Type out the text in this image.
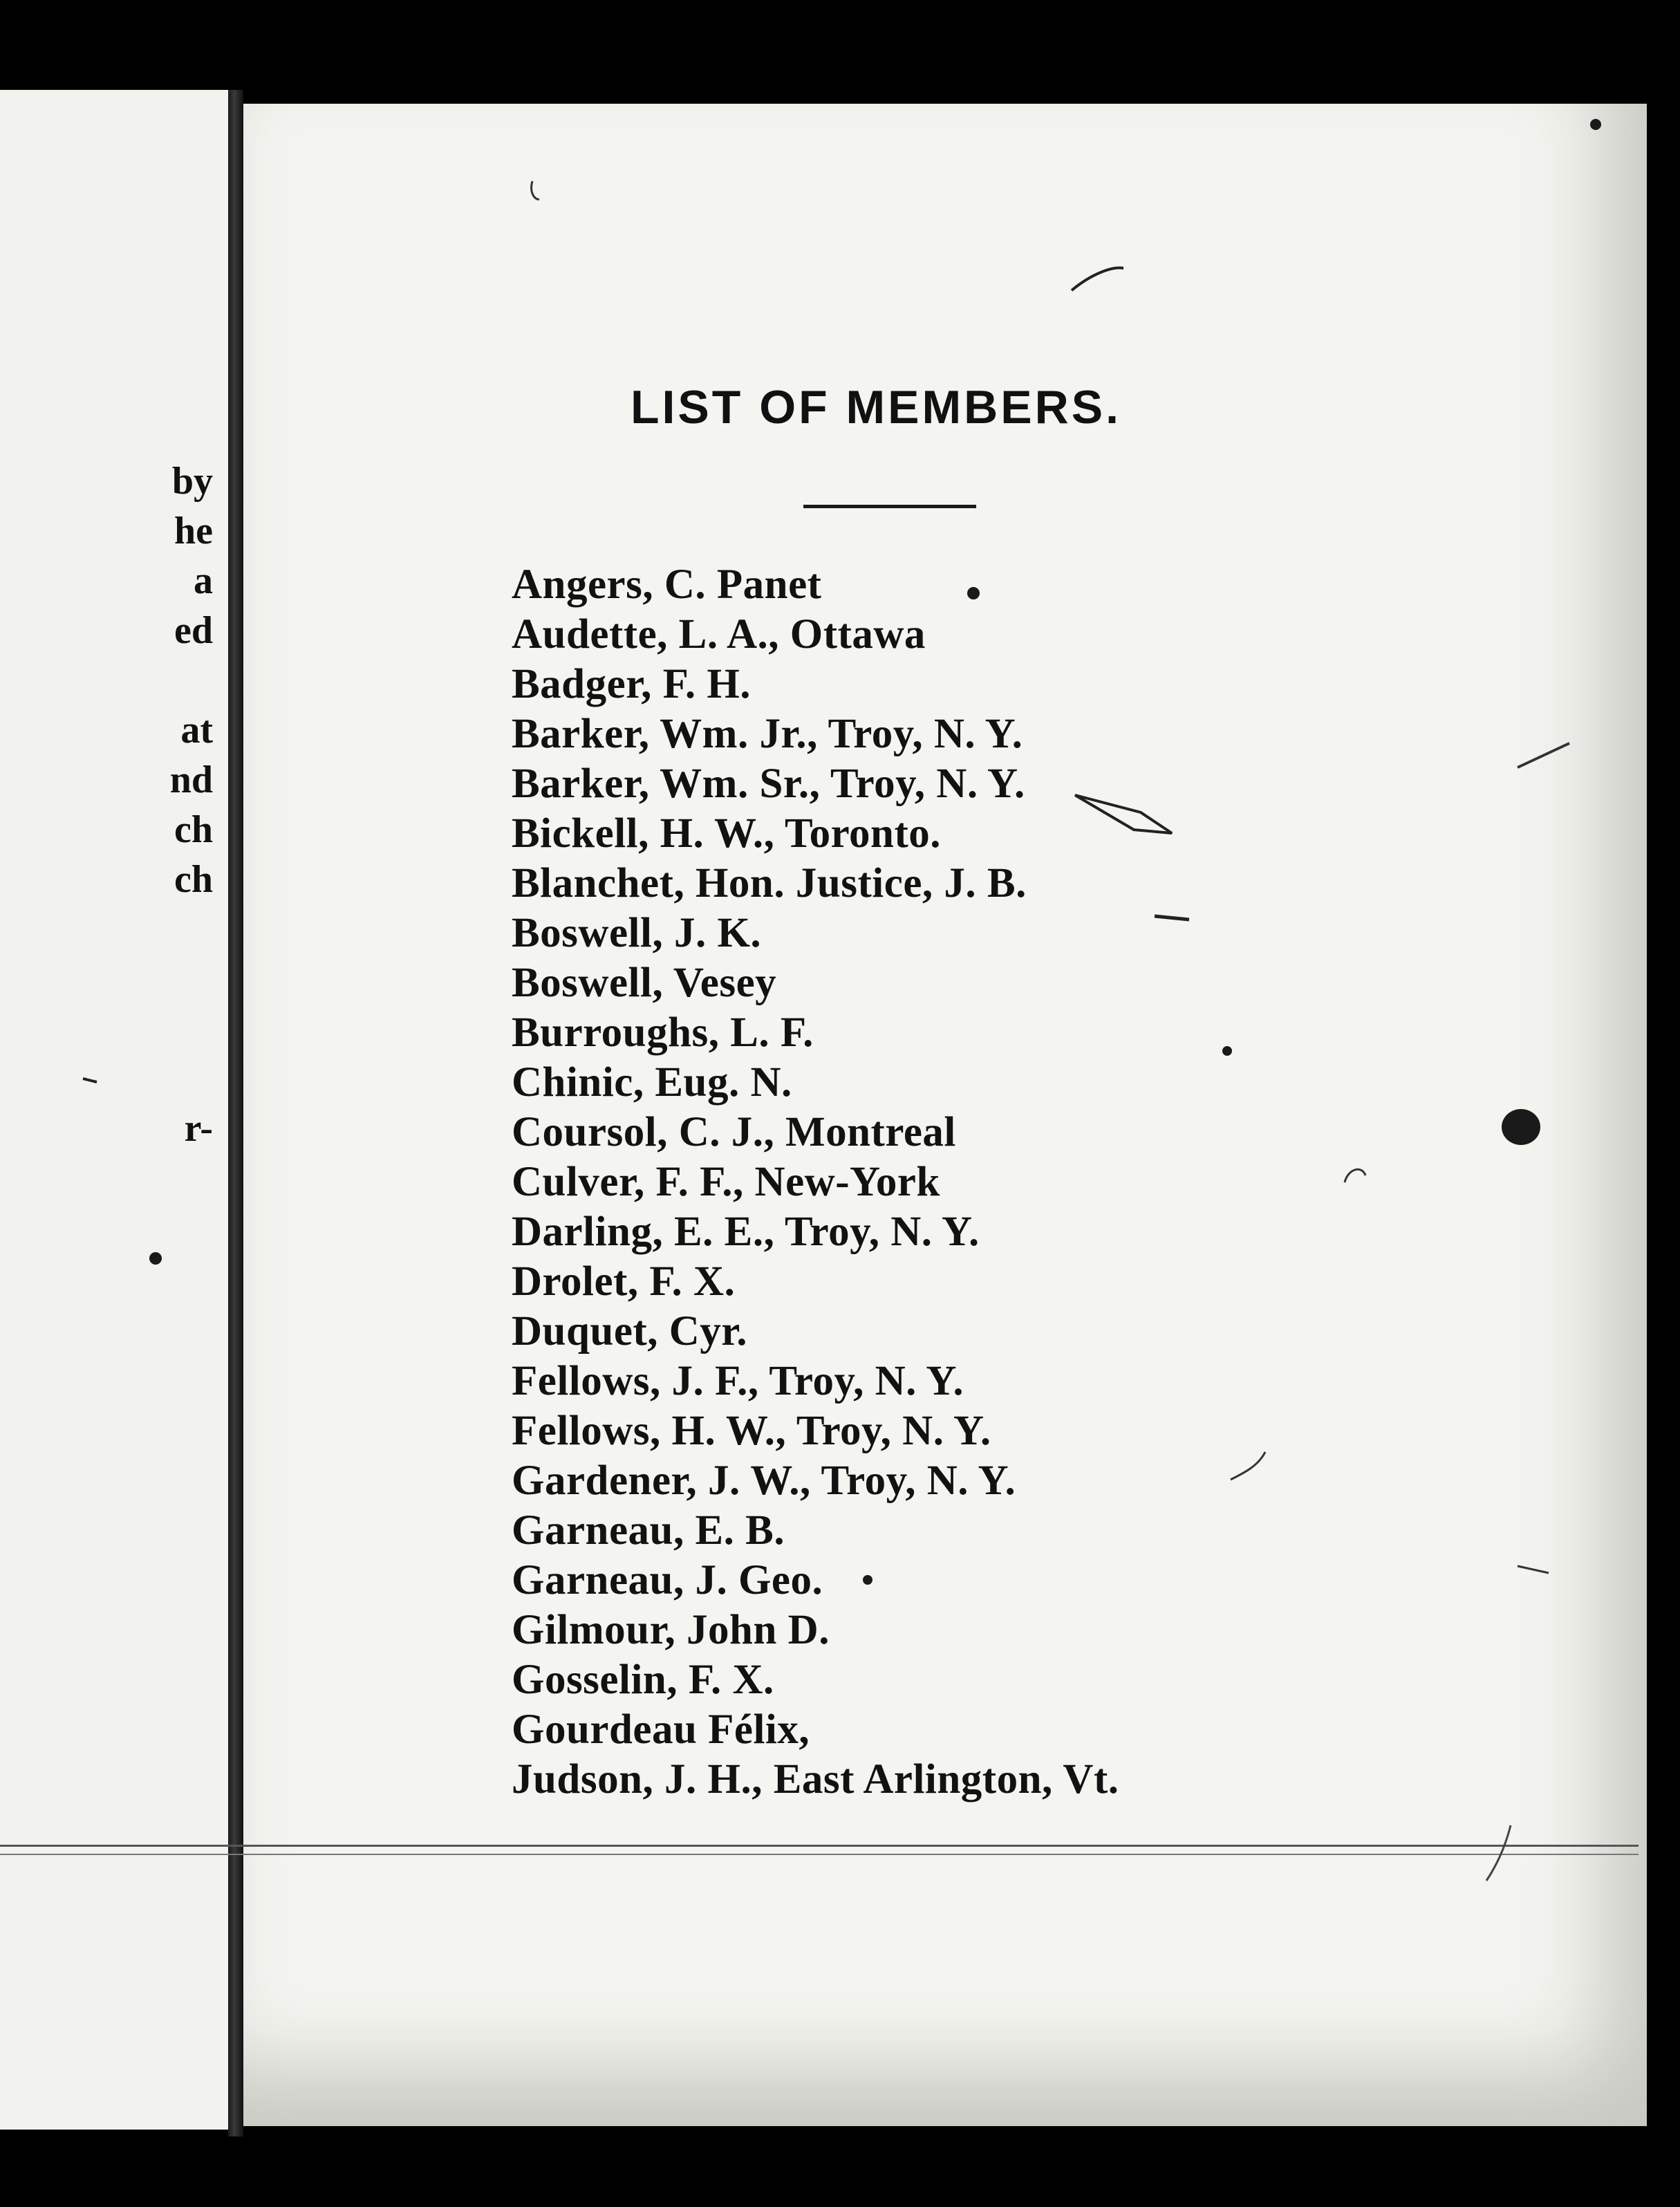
by
he
a
ed
at
nd
ch
ch
r-
LIST OF MEMBERS.
Angers, C. Panet
Audette, L. A., Ottawa
Badger, F. H.
Barker, Wm. Jr., Troy, N. Y.
Barker, Wm. Sr., Troy, N. Y.
Bickell, H. W., Toronto.
Blanchet, Hon. Justice, J. B.
Boswell, J. K.
Boswell, Vesey
Burroughs, L. F.
Chinic, Eug. N.
Coursol, C. J., Montreal
Culver, F. F., New-York
Darling, E. E., Troy, N. Y.
Drolet, F. X.
Duquet, Cyr.
Fellows, J. F., Troy, N. Y.
Fellows, H. W., Troy, N. Y.
Gardener, J. W., Troy, N. Y.
Garneau, E. B.
Garneau, J. Geo.
Gilmour, John D.
Gosselin, F. X.
Gourdeau Félix,
Judson, J. H., East Arlington, Vt.
